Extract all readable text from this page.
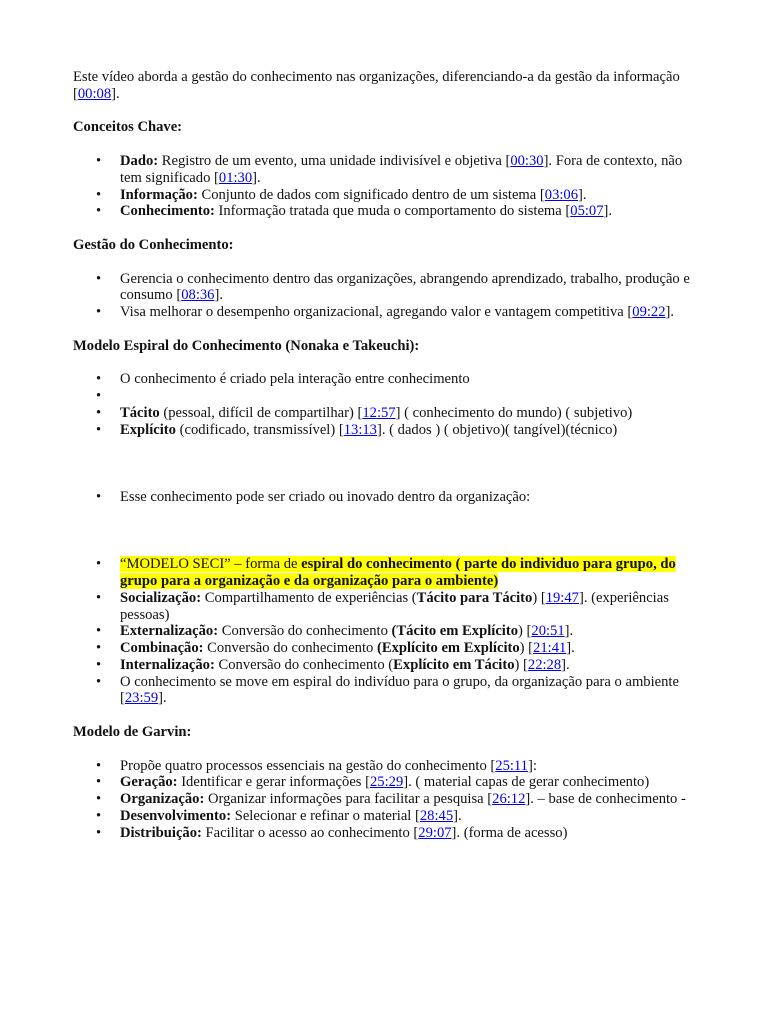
Este vídeo aborda a gestão do conhecimento nas organizações, diferenciando-a da gestão da informação [00:08].

Conceitos Chave:

• Dado: Registro de um evento, uma unidade indivisível e objetiva [00:30]. Fora de contexto, não tem significado [01:30].
• Informação: Conjunto de dados com significado dentro de um sistema [03:06].
• Conhecimento: Informação tratada que muda o comportamento do sistema [05:07].

Gestão do Conhecimento:

• Gerencia o conhecimento dentro das organizações, abrangendo aprendizado, trabalho, produção e consumo [08:36].
• Visa melhorar o desempenho organizacional, agregando valor e vantagem competitiva [09:22].

Modelo Espiral do Conhecimento (Nonaka e Takeuchi):

• O conhecimento é criado pela interação entre conhecimento
•
• Tácito (pessoal, difícil de compartilhar) [12:57] ( conhecimento do mundo) ( subjetivo)
• Explícito (codificado, transmissível) [13:13]. ( dados ) ( objetivo)( tangível)(técnico)
• Esse conhecimento pode ser criado ou inovado dentro da organização:
• “MODELO SECI” – forma de espiral do conhecimento ( parte do individuo para grupo, do grupo para a organização e da organização para o ambiente)
• Socialização: Compartilhamento de experiências (Tácito para Tácito) [19:47]. (experiências pessoas)
• Externalização: Conversão do conhecimento (Tácito em Explícito) [20:51].
• Combinação: Conversão do conhecimento (Explícito em Explícito) [21:41].
• Internalização: Conversão do conhecimento (Explícito em Tácito) [22:28].
• O conhecimento se move em espiral do indivíduo para o grupo, da organização para o ambiente [23:59].

Modelo de Garvin:

• Propõe quatro processos essenciais na gestão do conhecimento [25:11]:
• Geração: Identificar e gerar informações [25:29]. ( material capas de gerar conhecimento)
• Organização: Organizar informações para facilitar a pesquisa [26:12]. – base de conhecimento -
• Desenvolvimento: Selecionar e refinar o material [28:45].
• Distribuição: Facilitar o acesso ao conhecimento [29:07]. (forma de acesso)
